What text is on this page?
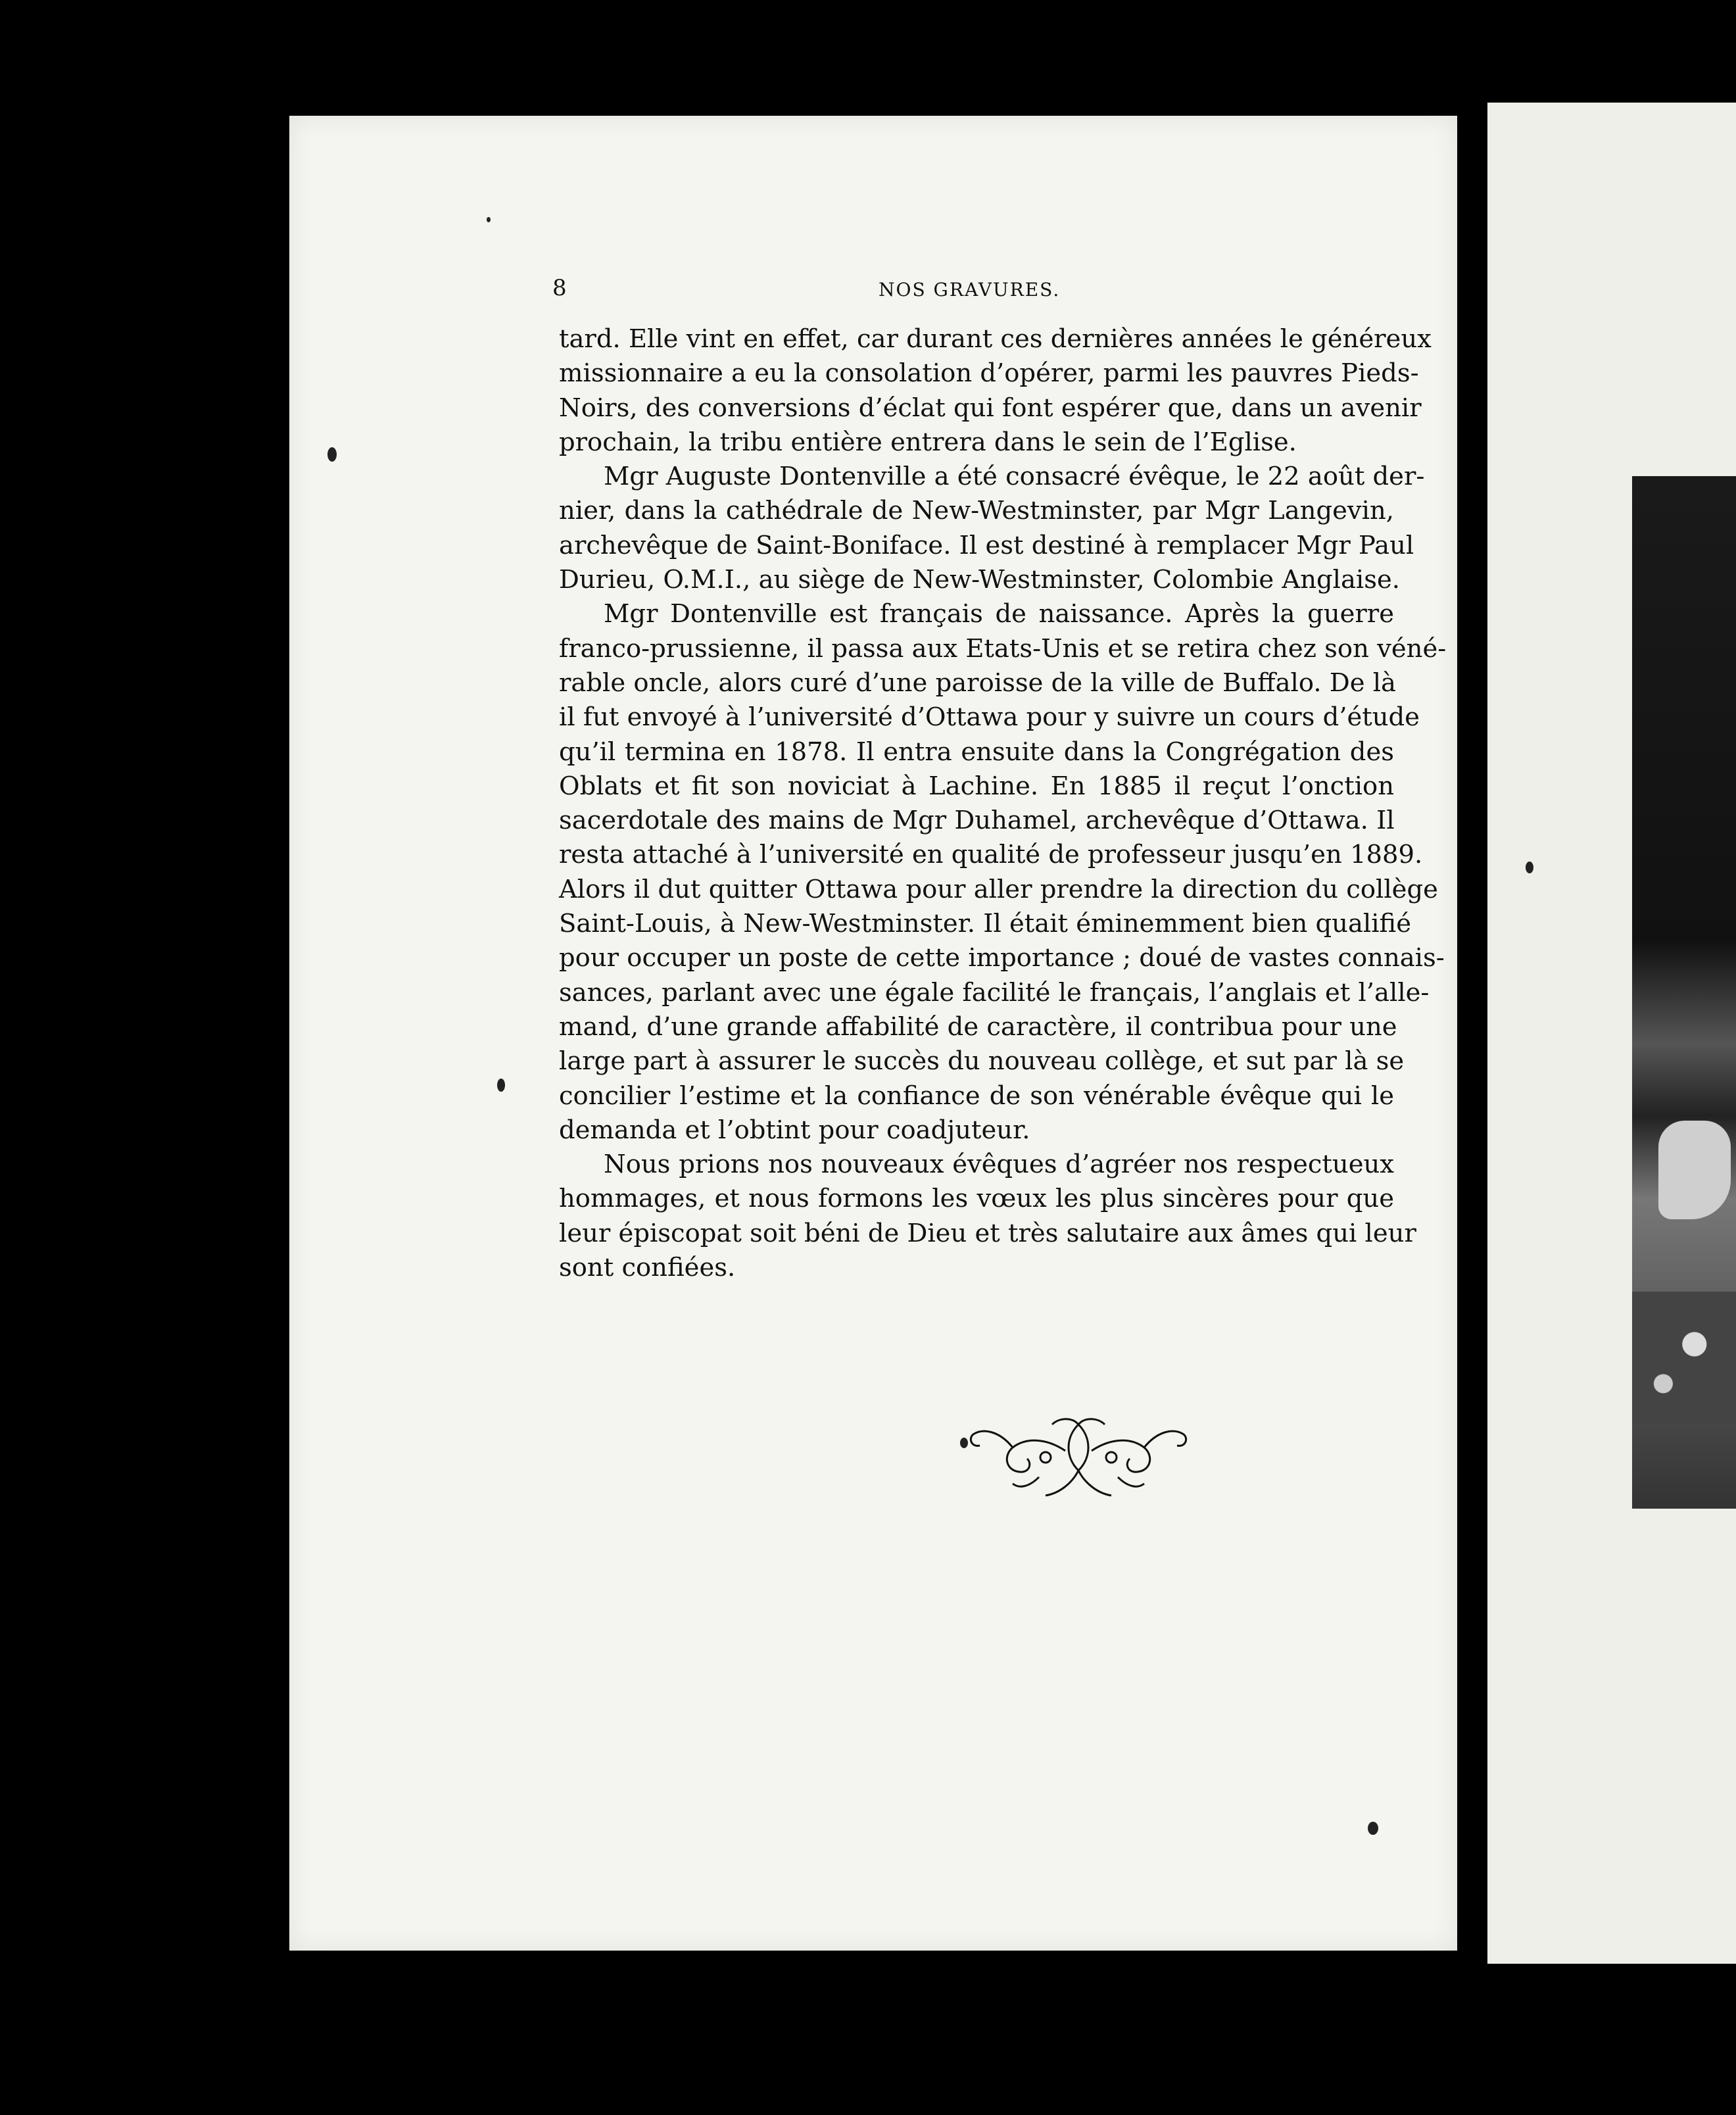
8	NOS GRAVURES.

tard. Elle vint en effet, car durant ces dernières années le généreux
missionnaire a eu la consolation d’opérer, parmi les pauvres Pieds-
Noirs, des conversions d’éclat qui font espérer que, dans un avenir
prochain, la tribu entière entrera dans le sein de l’Eglise.

Mgr Auguste Dontenville a été consacré évêque, le 22 août der-
nier, dans la cathédrale de New-Westminster, par Mgr Langevin,
archevêque de Saint-Boniface. Il est destiné à remplacer Mgr Paul
Durieu, O.M.I., au siège de New-Westminster, Colombie Anglaise.

Mgr Dontenville est français de naissance. Après la guerre
franco-prussienne, il passa aux Etats-Unis et se retira chez son véné-
rable oncle, alors curé d’une paroisse de la ville de Buffalo. De là
il fut envoyé à l’université d’Ottawa pour y suivre un cours d’étude
qu’il termina en 1878. Il entra ensuite dans la Congrégation des
Oblats et fit son noviciat à Lachine. En 1885 il reçut l’onction
sacerdotale des mains de Mgr Duhamel, archevêque d’Ottawa. Il
resta attaché à l’université en qualité de professeur jusqu’en 1889.
Alors il dut quitter Ottawa pour aller prendre la direction du collège
Saint-Louis, à New-Westminster. Il était éminemment bien qualifié
pour occuper un poste de cette importance ; doué de vastes connais-
sances, parlant avec une égale facilité le français, l’anglais et l’alle-
mand, d’une grande affabilité de caractère, il contribua pour une
large part à assurer le succès du nouveau collège, et sut par là se
concilier l’estime et la confiance de son vénérable évêque qui le
demanda et l’obtint pour coadjuteur.

Nous prions nos nouveaux évêques d’agréer nos respectueux
hommages, et nous formons les vœux les plus sincères pour que
leur épiscopat soit béni de Dieu et très salutaire aux âmes qui leur
sont confiées.
